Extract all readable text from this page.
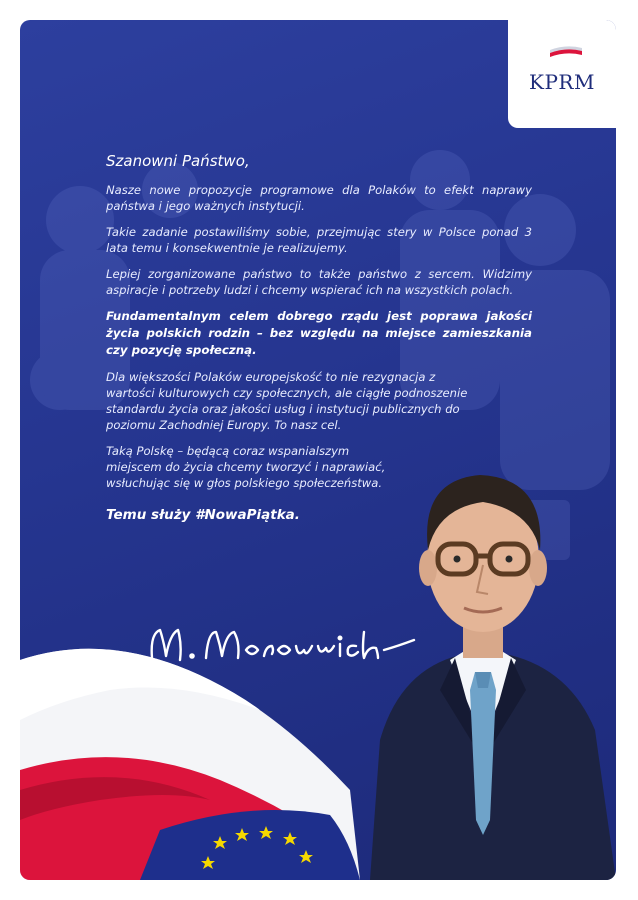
KPRM

Szanowni Państwo,

Nasze nowe propozycje programowe dla Polaków to efekt naprawy państwa i jego ważnych instytucji.

Takie zadanie postawiliśmy sobie, przejmując stery w Polsce ponad 3 lata temu i konsekwentnie je realizujemy.

Lepiej zorganizowane państwo to także państwo z sercem. Widzimy aspiracje i potrzeby ludzi i chcemy wspierać ich na wszystkich polach.

Fundamentalnym celem dobrego rządu jest poprawa jakości życia polskich rodzin – bez względu na miejsce zamieszkania czy pozycję społeczną.

Dla większości Polaków europejskość to nie rezygnacja z wartości kulturowych czy społecznych, ale ciągłe podnoszenie standardu życia oraz jakości usług i instytucji publicznych do poziomu Zachodniej Europy. To nasz cel.

Taką Polskę – będącą coraz wspanialszym miejscem do życia chcemy tworzyć i naprawiać, wsłuchując się w głos polskiego społeczeństwa.

Temu służy #NowaPiątka.
